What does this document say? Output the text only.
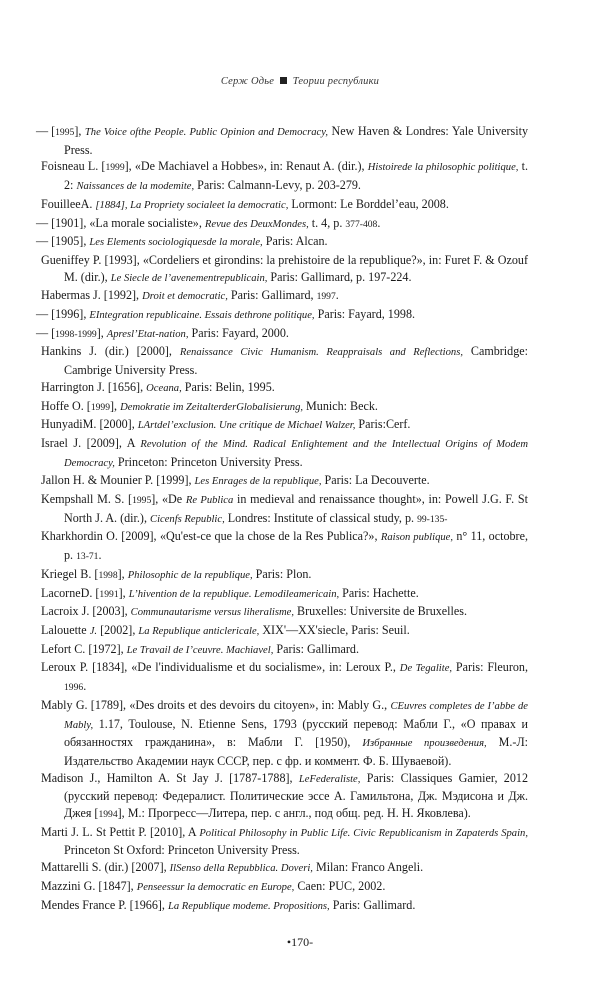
Серж Одье Теории республики
— [1995], The Voice ofthe People. Public Opinion and Democracy, New Haven & Londres: Yale University Press.
Foisneau L. [1999], «De Machiavel a Hobbes», in: Renaut A. (dir.), Histoirede la philosophic politique, t. 2: Naissances de la modemite, Paris: Calmann-Levy, p. 203-279.
FouilleeA. [1884], La Propriety socialeet la democratic, Lormont: Le Borddel’eau, 2008.
— [1901], «La morale socialiste», Revue des DeuxMondes, t. 4, p. 377-408.
— [1905], Les Elements sociologiquesde la morale, Paris: Alcan.
Gueniffey P. [1993], «Cordeliers et girondins: la prehistoire de la republique?», in: Furet F. & Ozouf M. (dir.), Le Siecle de l’avenementrepublicain, Paris: Gallimard, p. 197-224.
Habermas J. [1992], Droit et democratic, Paris: Gallimard, 1997.
— [1996], EIntegration republicaine. Essais dethrone politique, Paris: Fayard, 1998.
— [1998-1999], Apresl’Etat-nation, Paris: Fayard, 2000.
Hankins J. (dir.) [2000], Renaissance Civic Humanism. Reappraisals and Reflections, Cambridge: Cambrige University Press.
Harrington J. [1656], Oceana, Paris: Belin, 1995.
Hoffe O. [1999], Demokratie im ZeitalterderGlobalisierung, Munich: Beck.
HunyadiM. [2000], LArtdel’exclusion. Une critique de Michael Walzer, Paris:Cerf.
Israel J. [2009], A Revolution of the Mind. Radical Enlightement and the Intellectual Origins of Modem Democracy, Princeton: Princeton University Press.
Jallon H. & Mounier P. [1999], Les Enrages de la republique, Paris: La Decouverte.
Kempshall M. S. [1995], «De Re Publica in medieval and renaissance thought», in: Powell J.G. F. St North J. A. (dir.), Cicenfs Republic, Londres: Institute of classical study, p. 99-135-
Kharkhordin O. [2009], «Qu'est-ce que la chose de la Res Publica?», Raison publique, n° 11, octobre, p. 13-71.
Kriegel B. [1998], Philosophic de la republique, Paris: Plon.
LacorneD. [1991], L’hivention de la republique. Lemodileamericain, Paris: Hachette.
Lacroix J. [2003], Communautarisme versus liheralisme, Bruxelles: Universite de Bruxelles.
Lalouette J. [2002], La Republique anticlericale, XIX'—XX'siecle, Paris: Seuil.
Lefort C. [1972], Le Travail de I’ceuvre. Machiavel, Paris: Gallimard.
Leroux P. [1834], «De l'individualisme et du socialisme», in: Leroux P., De Tegalite, Paris: Fleuron, 1996.
Mably G. [1789], «Des droits et des devoirs du citoyen», in: Mably G., CEuvres completes de I’abbe de Mably, 1.17, Toulouse, N. Etienne Sens, 1793 (русский перевод: Мабли Г., «О правах и обязанностях гражданина», в: Мабли Г. [1950), Избранные произведения, М.-Л: Издательство Академии наук СССР, пер. с фр. и коммент. Ф. Б. Шуваевой).
Madison J., Hamilton A. St Jay J. [1787-1788], LeFederaliste, Paris: Classiques Gamier, 2012 (русский перевод: Федералист. Политические эссе А. Гамильтона, Дж. Мэдисона и Дж. Джея [1994], М.: Прогресс—Литера, пер. с англ., под общ. ред. Н. Н. Яковлева).
Marti J. L. St Pettit P. [2010], A Political Philosophy in Public Life. Civic Republicanism in Zapaterds Spain, Princeton St Oxford: Princeton University Press.
Mattarelli S. (dir.) [2007], IlSenso della Repubblica. Doveri, Milan: Franco Angeli.
Mazzini G. [1847], Penseessur la democratic en Europe, Caen: PUC, 2002.
Mendes France P. [1966], La Republique modeme. Propositions, Paris: Gallimard.
•170-
